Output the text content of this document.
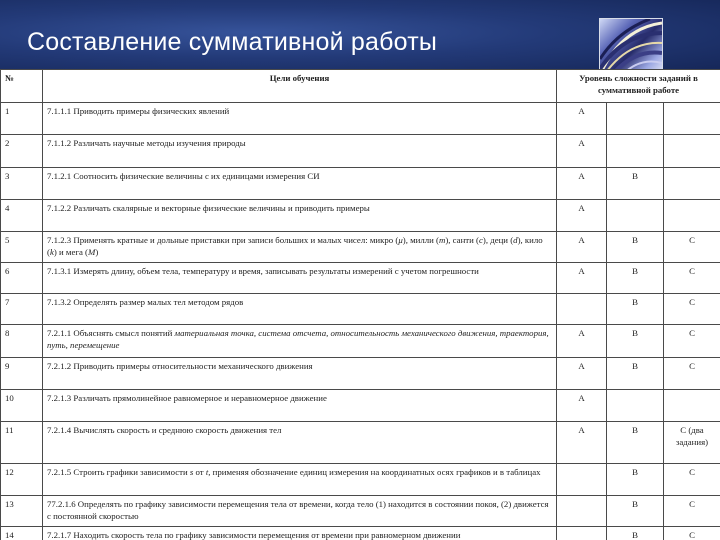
Составление суммативной работы
№	Цели обучения	Уровень сложности заданий в суммативной работе		
1	7.1.1.1 Приводить примеры физических явлений	A		
2	7.1.1.2 Различать научные методы изучения природы	A		
3	7.1.2.1 Соотносить физические величины с их единицами измерения СИ	A	B	
4	7.1.2.2 Различать скалярные и векторные физические величины и приводить примеры	A		
5	7.1.2.3 Применять кратные и дольные приставки при записи больших и малых чисел: микро (μ), милли (m), санти (c), деци (d), кило (k) и мега (M)	A	B	C
6	7.1.3.1 Измерять длину, объем тела, температуру и время, записывать результаты измерений с учетом погрешности	A	B	C
7	7.1.3.2 Определять размер малых тел методом рядов		B	C
8	7.2.1.1 Объяснять смысл понятий материальная точка, система отсчета, относительность механического движения, траектория, путь, перемещение	A	B	C
9	7.2.1.2 Приводить примеры относительности механического движения	A	B	C
10	7.2.1.3 Различать прямолинейное равномерное и неравномерное движение	A		
11	7.2.1.4 Вычислять скорость и среднюю скорость движения тел	A	B	C (два задания)
12	7.2.1.5 Строить графики зависимости s от t, применяя обозначение единиц измерения на координатных осях графиков и в таблицах		B	C
13	77.2.1.6 Определять по графику зависимости перемещения тела от времени, когда тело (1) находится в состоянии покоя, (2) движется с постоянной скоростью		B	C
14	7.2.1.7 Находить скорость тела по графику зависимости перемещения от времени при равномерном движении		B	C
